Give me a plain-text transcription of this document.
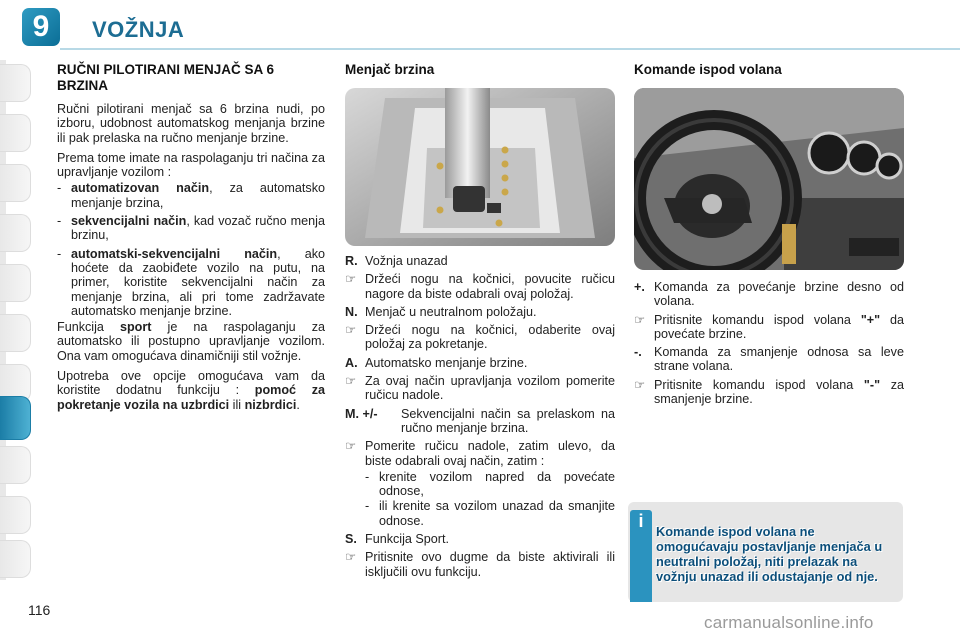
9	VOŽNJA
RUČNI PILOTIRANI MENJAČ SA 6 BRZINA

Ručni pilotirani menjač sa 6 brzina nudi, po izboru, udobnost automatskog menjanja brzine ili pak prelaska na ručno menjanje brzine.

Prema tome imate na raspolaganju tri načina za upravljanje vozilom :

- automatizovan način, za automatsko menjanje brzina,
- sekvencijalni način, kad vozač ručno menja brzinu,
- automatski-sekvencijalni način, ako hoćete da zaobiđete vozilo na putu, na primer, koristite sekvencijalni način za menjanje brzina, ali pri tome zadržavate automatsko menjanje brzine.

Funkcija sport je na raspolaganju za automatsko ili postupno upravljanje vozilom. Ona vam omogućava dinamičniji stil vožnje.

Upotreba ove opcije omogućava vam da koristite dodatnu funkciju : pomoć za pokretanje vozila na uzbrdici ili nizbrdici.

Menjač brzina
R. Vožnja unazad
☞ Držeći nogu na kočnici, povucite ručicu nagore da biste odabrali ovaj položaj.
N. Menjač u neutralnom položaju.
☞ Držeći nogu na kočnici, odaberite ovaj položaj za pokretanje.
A. Automatsko menjanje brzine.
☞ Za ovaj način upravljanja vozilom pomerite ručicu nadole.
M. +/-	Sekvencijalni način sa prelaskom na ručno menjanje brzina.
☞ Pomerite ručicu nadole, zatim ulevo, da biste odabrali ovaj način, zatim :
- krenite vozilom napred da povećate odnose,
- ili krenite sa vozilom unazad da smanjite odnose.
S. Funkcija Sport.
☞ Pritisnite ovo dugme da biste aktivirali ili isključili ovu funkciju.
Komande ispod volana
+. Komanda za povećanje brzine desno od volana.
☞ Pritisnite komandu ispod volana "+" da povećate brzine.
-. Komanda za smanjenje odnosa sa leve strane volana.
☞ Pritisnite komandu ispod volana "-" za smanjenje brzine.
i
Komande ispod volana ne omogućavaju postavljanje menjača u neutralni položaj, niti prelazak na vožnju unazad ili odustajanje od nje.
116
carmanualsonline.info
